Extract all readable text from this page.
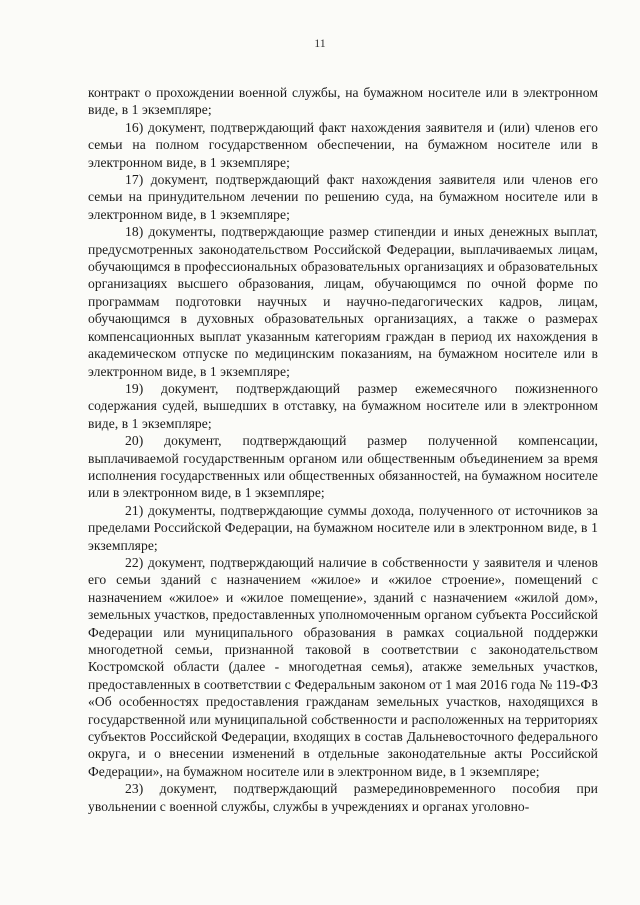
11

контракт о прохождении военной службы, на бумажном носителе или в электронном виде, в 1 экземпляре;

16) документ, подтверждающий факт нахождения заявителя и (или) членов его семьи на полном государственном обеспечении, на бумажном носителе или в электронном виде, в 1 экземпляре;

17) документ, подтверждающий факт нахождения заявителя или членов его семьи на принудительном лечении по решению суда, на бумажном носителе или в электронном виде, в 1 экземпляре;

18) документы, подтверждающие размер стипендии и иных денежных выплат, предусмотренных законодательством Российской Федерации, выплачиваемых лицам, обучающимся в профессиональных образовательных организациях и образовательных организациях высшего образования, лицам, обучающимся по очной форме по программам подготовки научных и научно-педагогических кадров, лицам, обучающимся в духовных образовательных организациях, а также о размерах компенсационных выплат указанным категориям граждан в период их нахождения в академическом отпуске по медицинским показаниям, на бумажном носителе или в электронном виде, в 1 экземпляре;

19) документ, подтверждающий размер ежемесячного пожизненного содержания судей, вышедших в отставку, на бумажном носителе или в электронном виде, в 1 экземпляре;

20) документ, подтверждающий размер полученной компенсации, выплачиваемой государственным органом или общественным объединением за время исполнения государственных или общественных обязанностей, на бумажном носителе или в электронном виде, в 1 экземпляре;

21) документы, подтверждающие суммы дохода, полученного от источников за пределами Российской Федерации, на бумажном носителе или в электронном виде, в 1 экземпляре;

22) документ, подтверждающий наличие в собственности у заявителя и членов его семьи зданий с назначением «жилое» и «жилое строение», помещений с назначением «жилое» и «жилое помещение», зданий с назначением «жилой дом», земельных участков, предоставленных уполномоченным органом субъекта Российской Федерации или муниципального образования в рамках социальной поддержки многодетной семьи, признанной таковой в соответствии с законодательством Костромской области (далее - многодетная семья), атакже земельных участков, предоставленных в соответствии с Федеральным законом от 1 мая 2016 года № 119-ФЗ «Об особенностях предоставления гражданам земельных участков, находящихся в государственной или муниципальной собственности и расположенных на территориях субъектов Российской Федерации, входящих в состав Дальневосточного федерального округа, и о внесении изменений в отдельные законодательные акты Российской Федерации», на бумажном носителе или в электронном виде, в 1 экземпляре;

23) документ, подтверждающий размерединовременного пособия при увольнении с военной службы, службы в учреждениях и органах уголовно-
